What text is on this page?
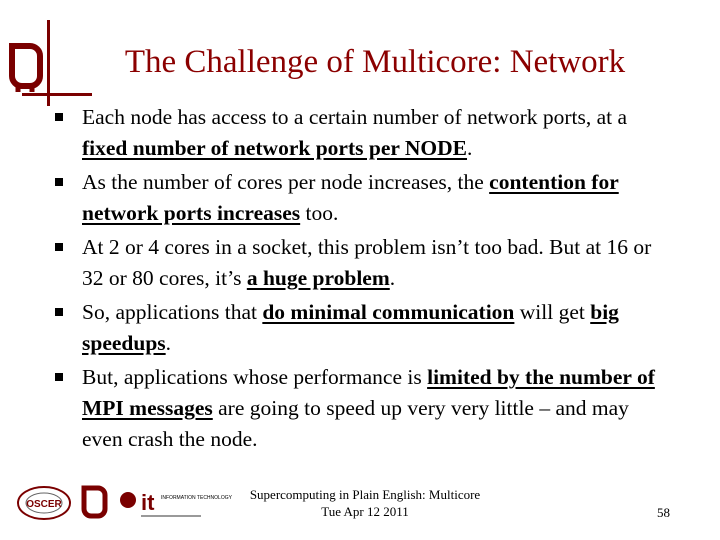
The Challenge of Multicore: Network
Each node has access to a certain number of network ports, at a fixed number of network ports per NODE.
As the number of cores per node increases, the contention for network ports increases too.
At 2 or 4 cores in a socket, this problem isn’t too bad. But at 16 or 32 or 80 cores, it’s a huge problem.
So, applications that do minimal communication will get big speedups.
But, applications whose performance is limited by the number of MPI messages are going to speed up very very little – and may even crash the node.
OSCER	it INFORMATION TECHNOLOGY	Supercomputing in Plain English: Multicore
Tue Apr 12 2011	58
